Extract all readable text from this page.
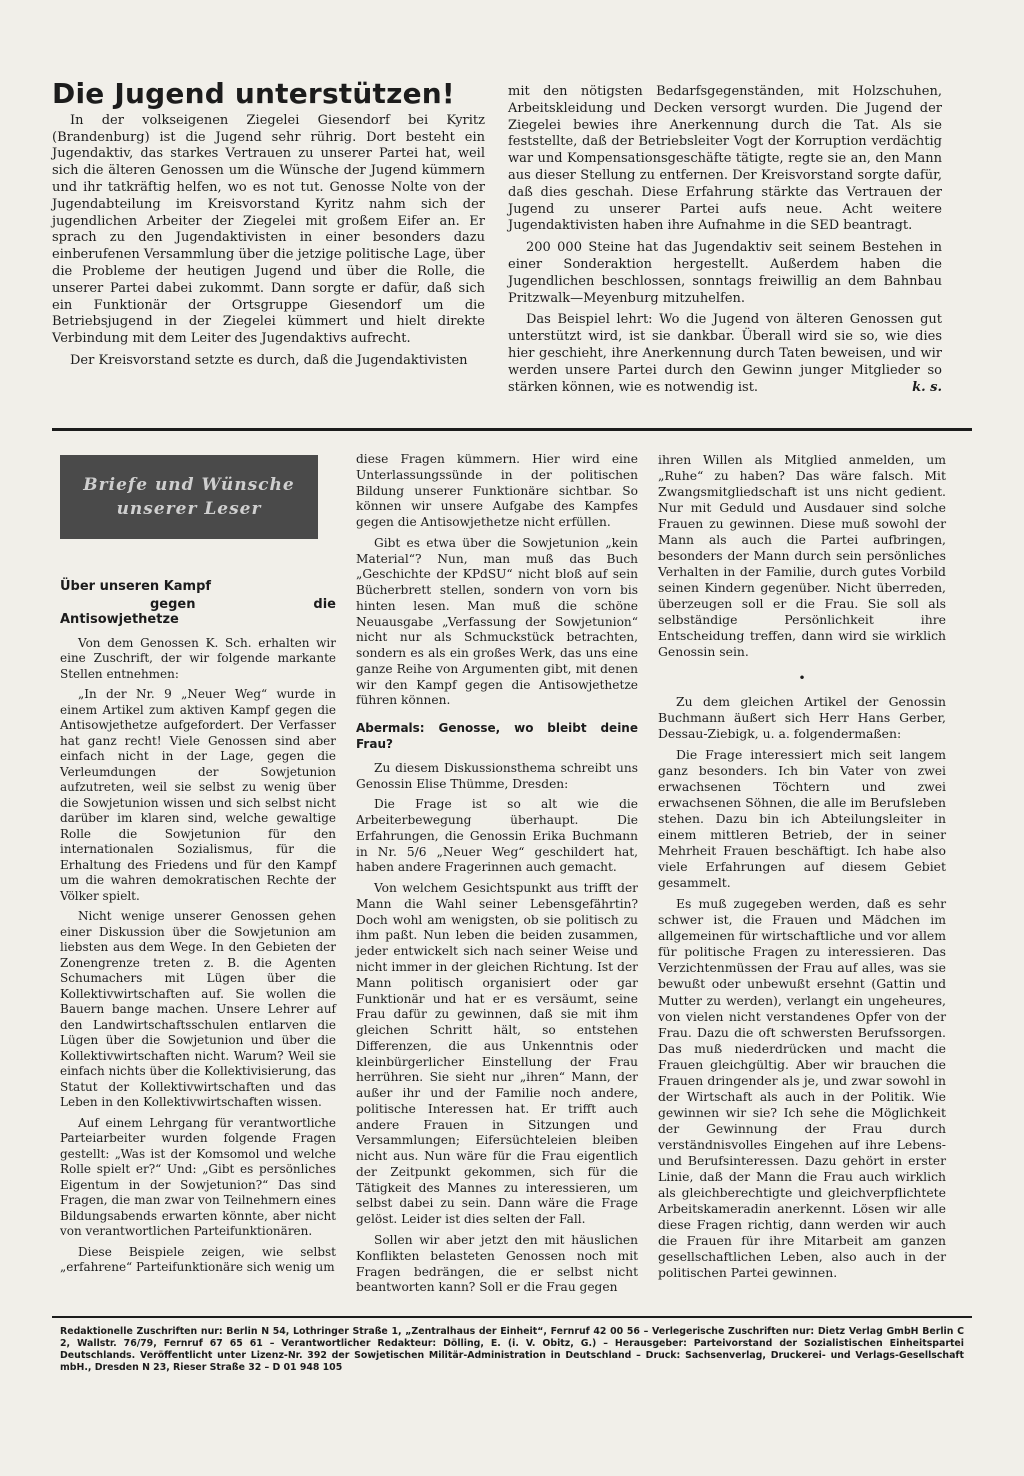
Die Jugend unterstützen!

In der volkseigenen Ziegelei Giesendorf bei Kyritz (Brandenburg) ist die Jugend sehr rührig. Dort besteht ein Jugendaktiv, das starkes Vertrauen zu unserer Partei hat, weil sich die älteren Genossen um die Wünsche der Jugend kümmern und ihr tatkräftig helfen, wo es not tut. Genosse Nolte von der Jugendabteilung im Kreisvorstand Kyritz nahm sich der jugendlichen Arbeiter der Ziegelei mit großem Eifer an. Er sprach zu den Jugendaktivisten in einer besonders dazu einberufenen Versammlung über die jetzige politische Lage, über die Probleme der heutigen Jugend und über die Rolle, die unserer Partei dabei zukommt. Dann sorgte er dafür, daß sich ein Funktionär der Ortsgruppe Giesendorf um die Betriebsjugend in der Ziegelei kümmert und hielt direkte Verbindung mit dem Leiter des Jugendaktivs aufrecht.

Der Kreisvorstand setzte es durch, daß die Jugendaktivisten

mit den nötigsten Bedarfsgegenständen, mit Holzschuhen, Arbeitskleidung und Decken versorgt wurden. Die Jugend der Ziegelei bewies ihre Anerkennung durch die Tat. Als sie feststellte, daß der Betriebsleiter Vogt der Korruption verdächtig war und Kompensationsgeschäfte tätigte, regte sie an, den Mann aus dieser Stellung zu entfernen. Der Kreisvorstand sorgte dafür, daß dies geschah. Diese Erfahrung stärkte das Vertrauen der Jugend zu unserer Partei aufs neue. Acht weitere Jugendaktivisten haben ihre Aufnahme in die SED beantragt.

200 000 Steine hat das Jugendaktiv seit seinem Bestehen in einer Sonderaktion hergestellt. Außerdem haben die Jugendlichen beschlossen, sonntags freiwillig an dem Bahnbau Pritzwalk—Meyenburg mitzuhelfen.

Das Beispiel lehrt: Wo die Jugend von älteren Genossen gut unterstützt wird, ist sie dankbar. Überall wird sie so, wie dies hier geschieht, ihre Anerkennung durch Taten beweisen, und wir werden unsere Partei durch den Gewinn junger Mitglieder so stärken können, wie es notwendig ist.	k. s.

Briefe und Wünsche
unserer Leser
Über unseren Kampf
gegen die Antisowjethetze

Von dem Genossen K. Sch. erhalten wir eine Zuschrift, der wir folgende markante Stellen entnehmen:

„In der Nr. 9 „Neuer Weg“ wurde in einem Artikel zum aktiven Kampf gegen die Antisowjethetze aufgefordert. Der Verfasser hat ganz recht! Viele Genossen sind aber einfach nicht in der Lage, gegen die Verleumdungen der Sowjetunion aufzutreten, weil sie selbst zu wenig über die Sowjetunion wissen und sich selbst nicht darüber im klaren sind, welche gewaltige Rolle die Sowjetunion für den internationalen Sozialismus, für die Erhaltung des Friedens und für den Kampf um die wahren demokratischen Rechte der Völker spielt.

Nicht wenige unserer Genossen gehen einer Diskussion über die Sowjetunion am liebsten aus dem Wege. In den Gebieten der Zonengrenze treten z. B. die Agenten Schumachers mit Lügen über die Kollektivwirtschaften auf. Sie wollen die Bauern bange machen. Unsere Lehrer auf den Landwirtschaftsschulen entlarven die Lügen über die Sowjetunion und über die Kollektivwirtschaften nicht. Warum? Weil sie einfach nichts über die Kollektivisierung, das Statut der Kollektivwirtschaften und das Leben in den Kollektivwirtschaften wissen.

Auf einem Lehrgang für verantwortliche Parteiarbeiter wurden folgende Fragen gestellt: „Was ist der Komsomol und welche Rolle spielt er?“ Und: „Gibt es persönliches Eigentum in der Sowjetunion?“ Das sind Fragen, die man zwar von Teilnehmern eines Bildungsabends erwarten könnte, aber nicht von verantwortlichen Parteifunktionären.

Diese Beispiele zeigen, wie selbst „erfahrene“ Parteifunktionäre sich wenig um

diese Fragen kümmern. Hier wird eine Unterlassungssünde in der politischen Bildung unserer Funktionäre sichtbar. So können wir unsere Aufgabe des Kampfes gegen die Antisowjethetze nicht erfüllen.

Gibt es etwa über die Sowjetunion „kein Material“? Nun, man muß das Buch „Geschichte der KPdSU“ nicht bloß auf sein Bücherbrett stellen, sondern von vorn bis hinten lesen. Man muß die schöne Neuausgabe „Verfassung der Sowjetunion“ nicht nur als Schmuckstück betrachten, sondern es als ein großes Werk, das uns eine ganze Reihe von Argumenten gibt, mit denen wir den Kampf gegen die Antisowjethetze führen können.

Abermals: Genosse, wo bleibt deine Frau?

Zu diesem Diskussionsthema schreibt uns Genossin Elise Thümme, Dresden:

Die Frage ist so alt wie die Arbeiterbewegung überhaupt. Die Erfahrungen, die Genossin Erika Buchmann in Nr. 5/6 „Neuer Weg“ geschildert hat, haben andere Fragerinnen auch gemacht.

Von welchem Gesichtspunkt aus trifft der Mann die Wahl seiner Lebensgefährtin? Doch wohl am wenigsten, ob sie politisch zu ihm paßt. Nun leben die beiden zusammen, jeder entwickelt sich nach seiner Weise und nicht immer in der gleichen Richtung. Ist der Mann politisch organisiert oder gar Funktionär und hat er es versäumt, seine Frau dafür zu gewinnen, daß sie mit ihm gleichen Schritt hält, so entstehen Differenzen, die aus Unkenntnis oder kleinbürgerlicher Einstellung der Frau herrühren. Sie sieht nur „ihren“ Mann, der außer ihr und der Familie noch andere, politische Interessen hat. Er trifft auch andere Frauen in Sitzungen und Versammlungen; Eifersüchteleien bleiben nicht aus. Nun wäre für die Frau eigentlich der Zeitpunkt gekommen, sich für die Tätigkeit des Mannes zu interessieren, um selbst dabei zu sein. Dann wäre die Frage gelöst. Leider ist dies selten der Fall.

Sollen wir aber jetzt den mit häuslichen Konflikten belasteten Genossen noch mit Fragen bedrängen, die er selbst nicht beantworten kann? Soll er die Frau gegen

ihren Willen als Mitglied anmelden, um „Ruhe“ zu haben? Das wäre falsch. Mit Zwangsmitgliedschaft ist uns nicht gedient. Nur mit Geduld und Ausdauer sind solche Frauen zu gewinnen. Diese muß sowohl der Mann als auch die Partei aufbringen, besonders der Mann durch sein persönliches Verhalten in der Familie, durch gutes Vorbild seinen Kindern gegenüber. Nicht überreden, überzeugen soll er die Frau. Sie soll als selbständige Persönlichkeit ihre Entscheidung treffen, dann wird sie wirklich Genossin sein.

•

Zu dem gleichen Artikel der Genossin Buchmann äußert sich Herr Hans Gerber, Dessau-Ziebigk, u. a. folgendermaßen:

Die Frage interessiert mich seit langem ganz besonders. Ich bin Vater von zwei erwachsenen Töchtern und zwei erwachsenen Söhnen, die alle im Berufsleben stehen. Dazu bin ich Abteilungsleiter in einem mittleren Betrieb, der in seiner Mehrheit Frauen beschäftigt. Ich habe also viele Erfahrungen auf diesem Gebiet gesammelt.

Es muß zugegeben werden, daß es sehr schwer ist, die Frauen und Mädchen im allgemeinen für wirtschaftliche und vor allem für politische Fragen zu interessieren. Das Verzichtenmüssen der Frau auf alles, was sie bewußt oder unbewußt ersehnt (Gattin und Mutter zu werden), verlangt ein ungeheures, von vielen nicht verstandenes Opfer von der Frau. Dazu die oft schwersten Berufssorgen. Das muß niederdrücken und macht die Frauen gleichgültig. Aber wir brauchen die Frauen dringender als je, und zwar sowohl in der Wirtschaft als auch in der Politik. Wie gewinnen wir sie? Ich sehe die Möglichkeit der Gewinnung der Frau durch verständnisvolles Eingehen auf ihre Lebens- und Berufsinteressen. Dazu gehört in erster Linie, daß der Mann die Frau auch wirklich als gleichberechtigte und gleichverpflichtete Arbeitskameradin anerkennt. Lösen wir alle diese Fragen richtig, dann werden wir auch die Frauen für ihre Mitarbeit am ganzen gesellschaftlichen Leben, also auch in der politischen Partei gewinnen.

Redaktionelle Zuschriften nur: Berlin N 54, Lothringer Straße 1, „Zentralhaus der Einheit“, Fernruf 42 00 56 – Verlegerische Zuschriften nur: Dietz Verlag GmbH Berlin C 2, Wallstr. 76/79, Fernruf 67 65 61 – Verantwortlicher Redakteur: Dölling, E. (i. V. Obitz, G.) – Herausgeber: Parteivorstand der Sozialistischen Einheitspartei Deutschlands. Veröffentlicht unter Lizenz-Nr. 392 der Sowjetischen Militär-Administration in Deutschland – Druck: Sachsenverlag, Druckerei- und Verlags-Gesellschaft mbH., Dresden N 23, Rieser Straße 32 – D 01 948 105
